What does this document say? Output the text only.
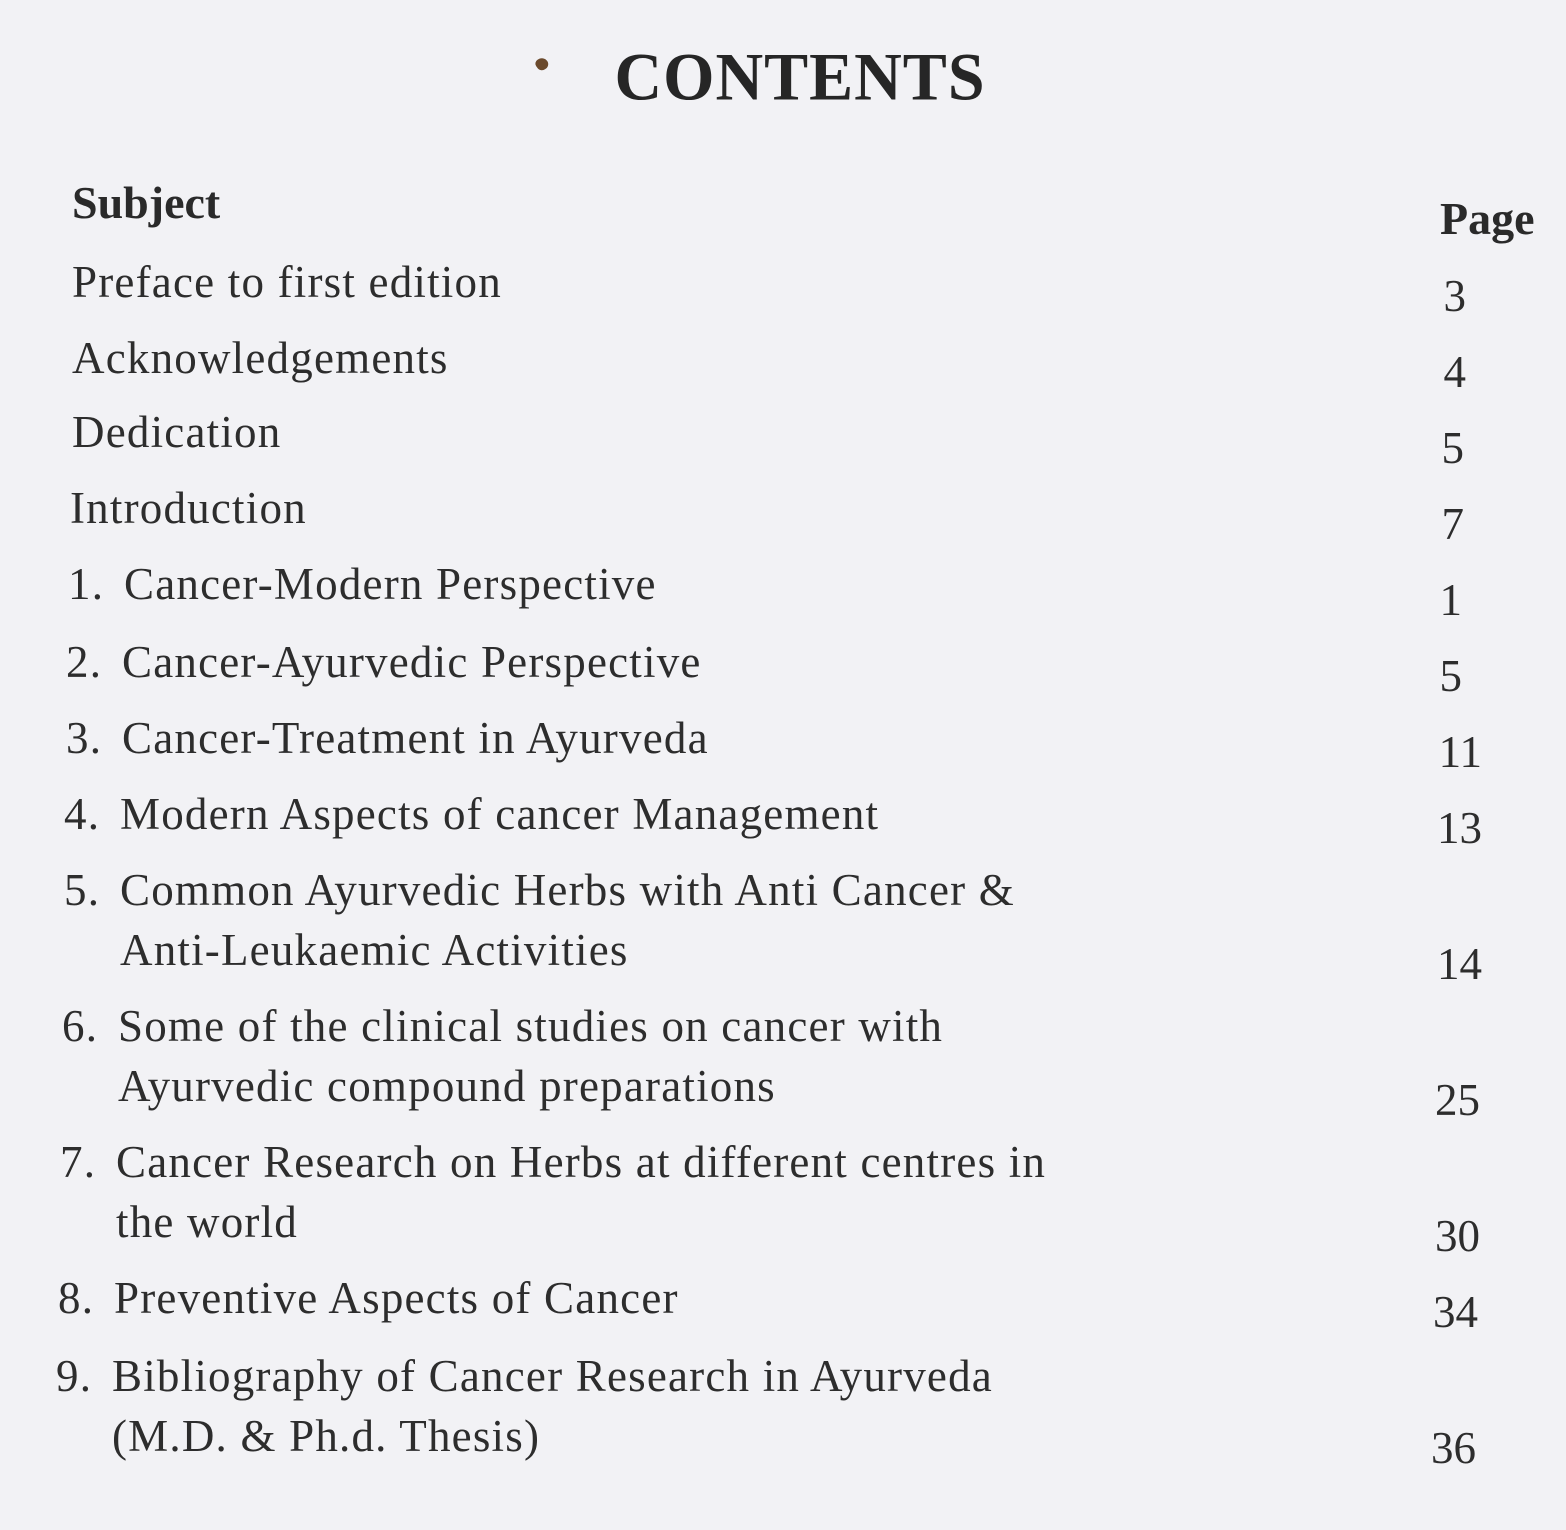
CONTENTS
Subject	Page
Preface to first edition	3
Acknowledgements	4
Dedication	5
Introduction	7
1. Cancer-Modern Perspective	1
2. Cancer-Ayurvedic Perspective	5
3. Cancer-Treatment in Ayurveda	11
4. Modern Aspects of cancer Management	13
5. Common Ayurvedic Herbs with Anti Cancer &
Anti-Leukaemic Activities	14
6. Some of the clinical studies on cancer with
Ayurvedic compound preparations	25
7. Cancer Research on Herbs at different centres in
the world	30
8. Preventive Aspects of Cancer	34
9. Bibliography of Cancer Research in Ayurveda
(M.D. & Ph.d. Thesis)	36
